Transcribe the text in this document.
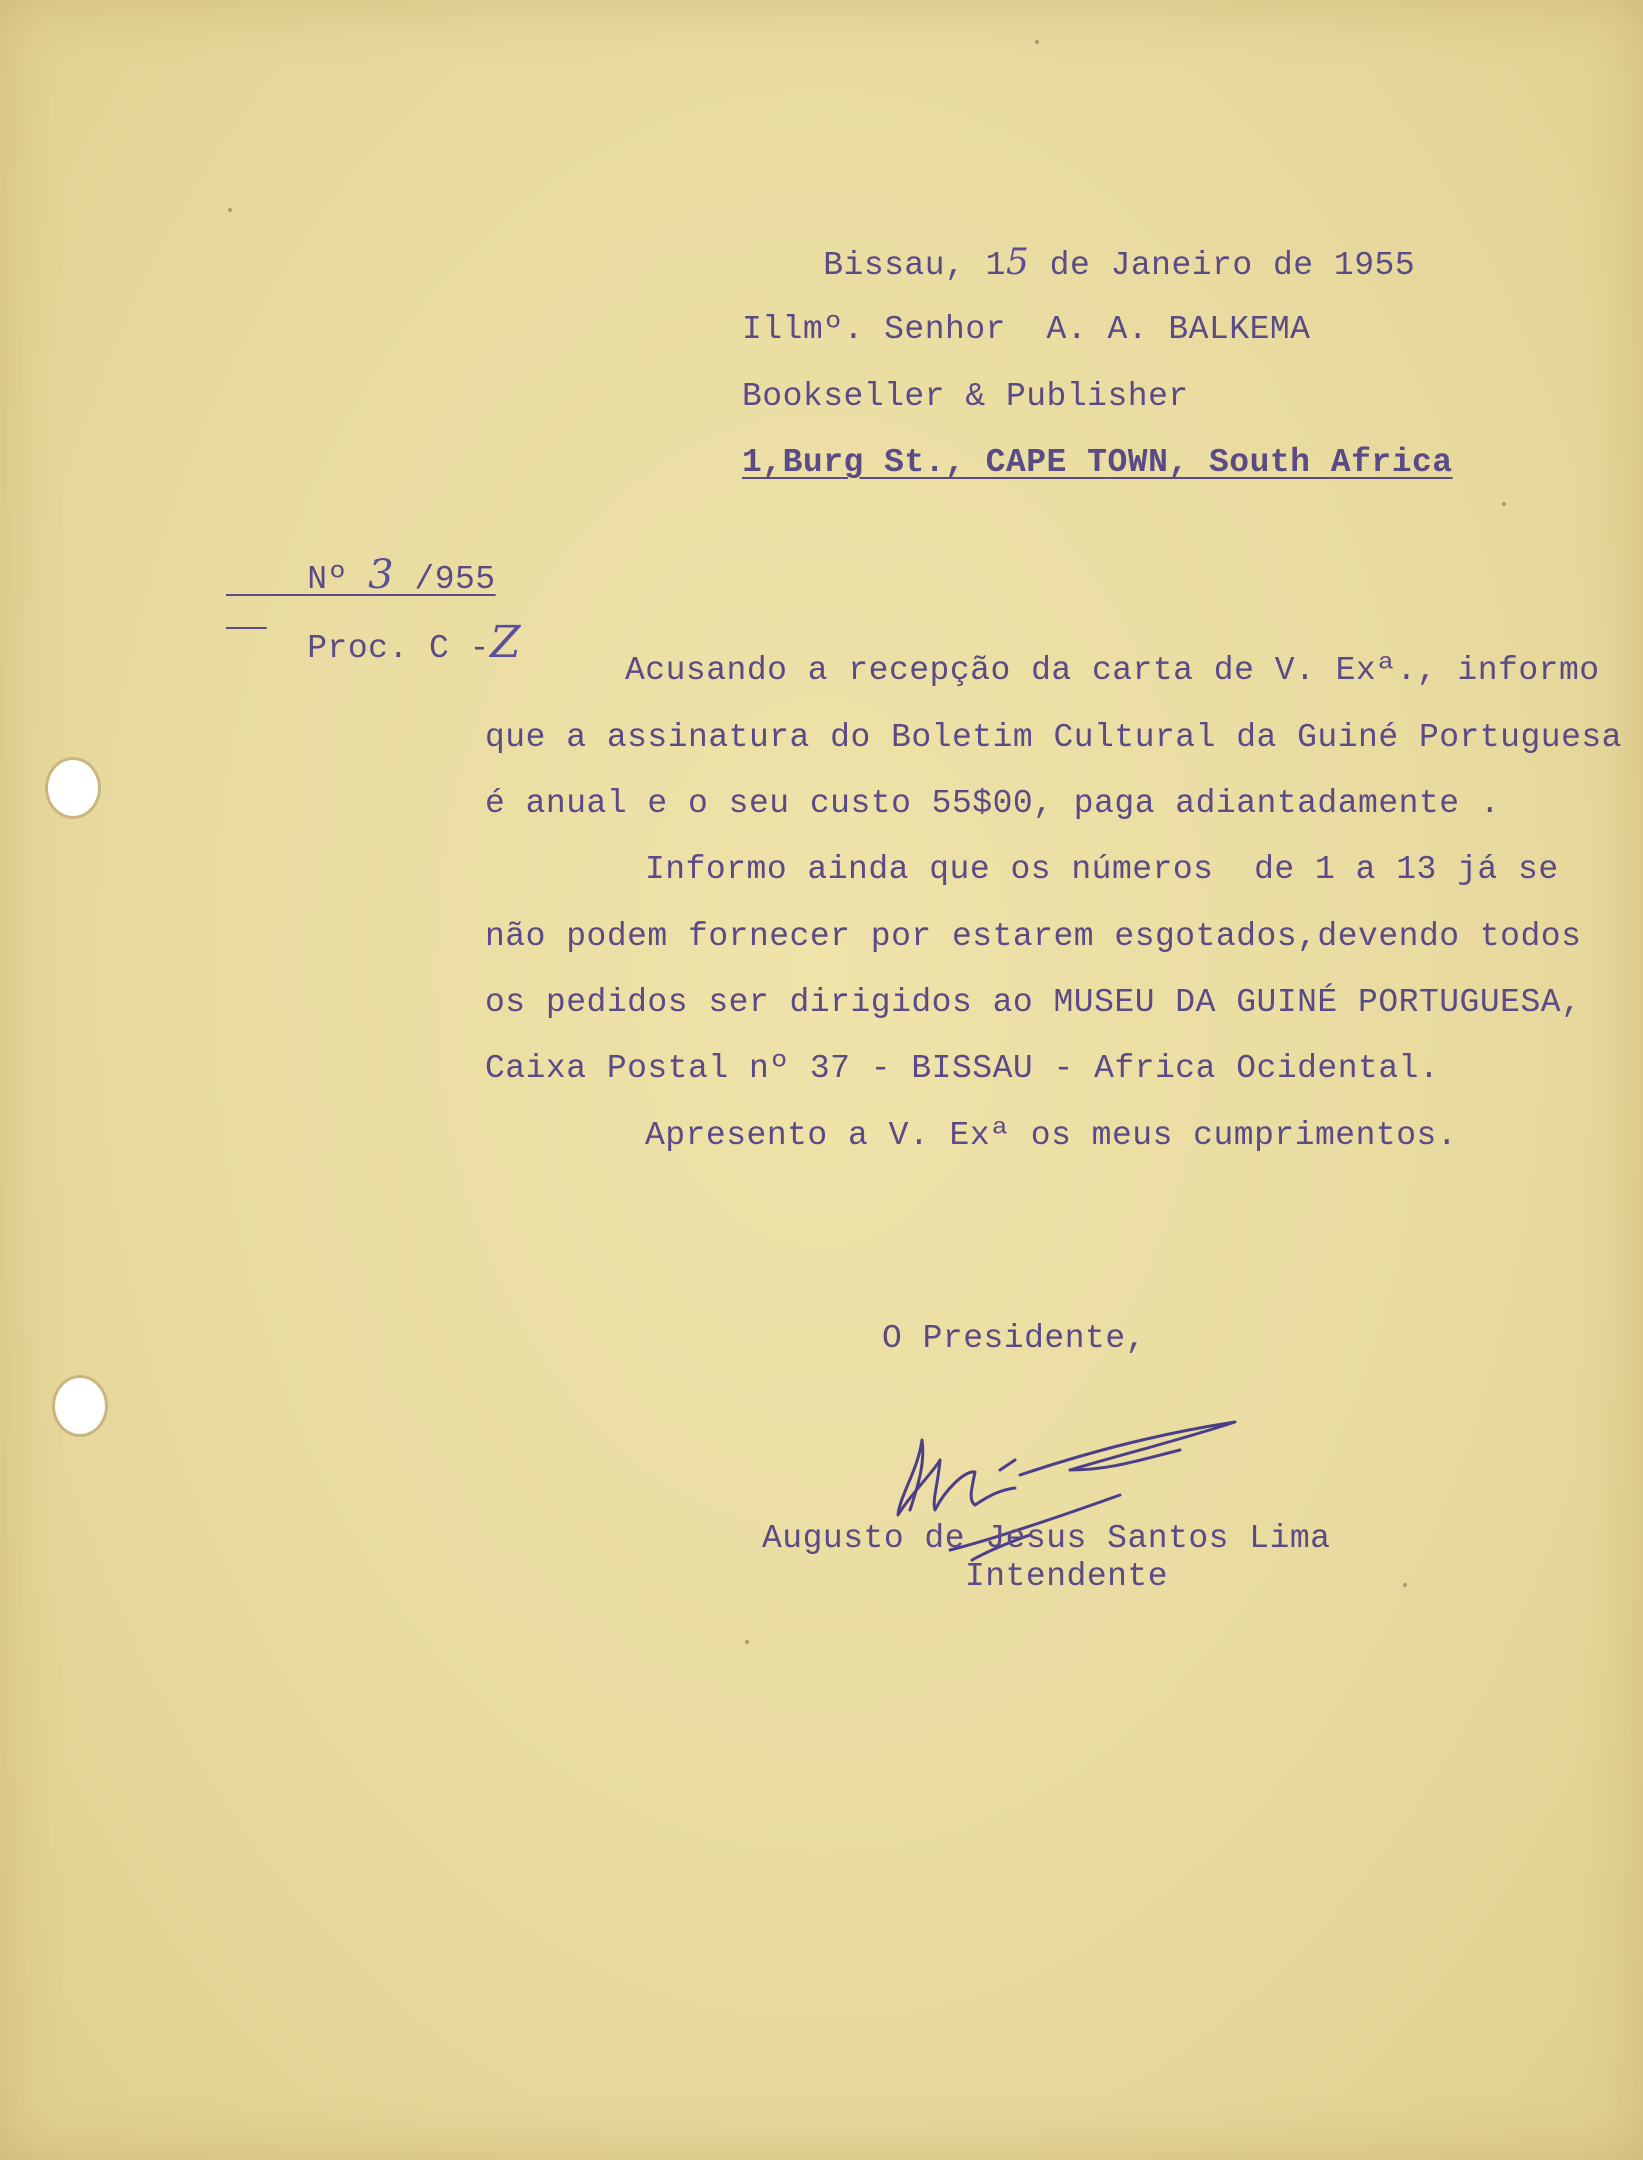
Bissau, 15 de Janeiro de 1955

Illmº. Senhor  A. A. BALKEMA
Bookseller & Publisher
1,Burg St., CAPE TOWN, South Africa

Nº 3 /955

Proc. C -Z

Acusando a recepção da carta de V. Exª., informo
que a assinatura do Boletim Cultural da Guiné Portuguesa
é anual e o seu custo 55$00, paga adiantadamente .
Informo ainda que os números  de 1 a 13 já se
não podem fornecer por estarem esgotados,devendo todos
os pedidos ser dirigidos ao MUSEU DA GUINÉ PORTUGUESA,
Caixa Postal nº 37 - BISSAU - Africa Ocidental.
Apresento a V. Exª os meus cumprimentos.
O Presidente,
Augusto de Jesus Santos Lima
Intendente
